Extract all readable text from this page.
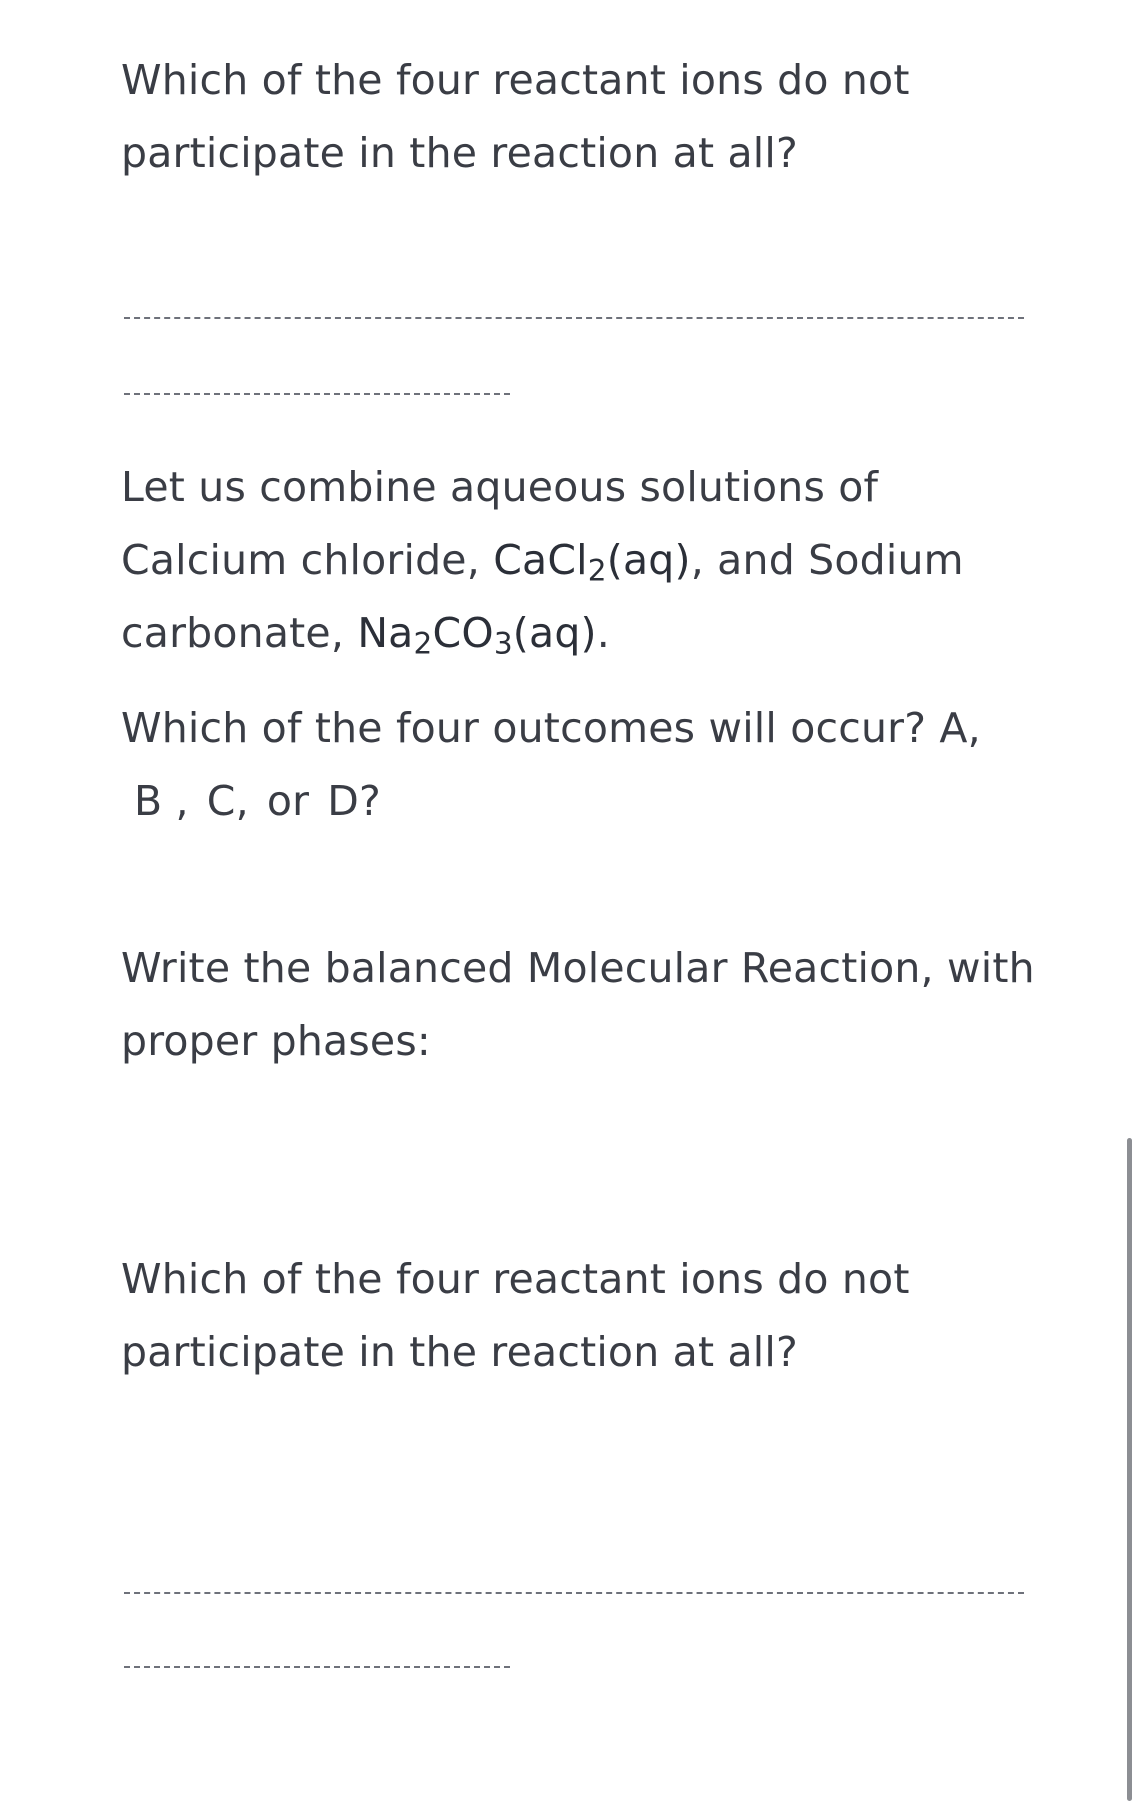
Which of the four reactant ions do not

participate in the reaction at all?

Let us combine aqueous solutions of

Calcium chloride, CaCl$_2$(aq), and Sodium

carbonate, $Na_2CO_3(aq)$.

Which of the four outcomes will occur? A,

B , C, or D?

Write the balanced Molecular Reaction, with

proper phases:

Which of the four reactant ions do not

participate in the reaction at all?
